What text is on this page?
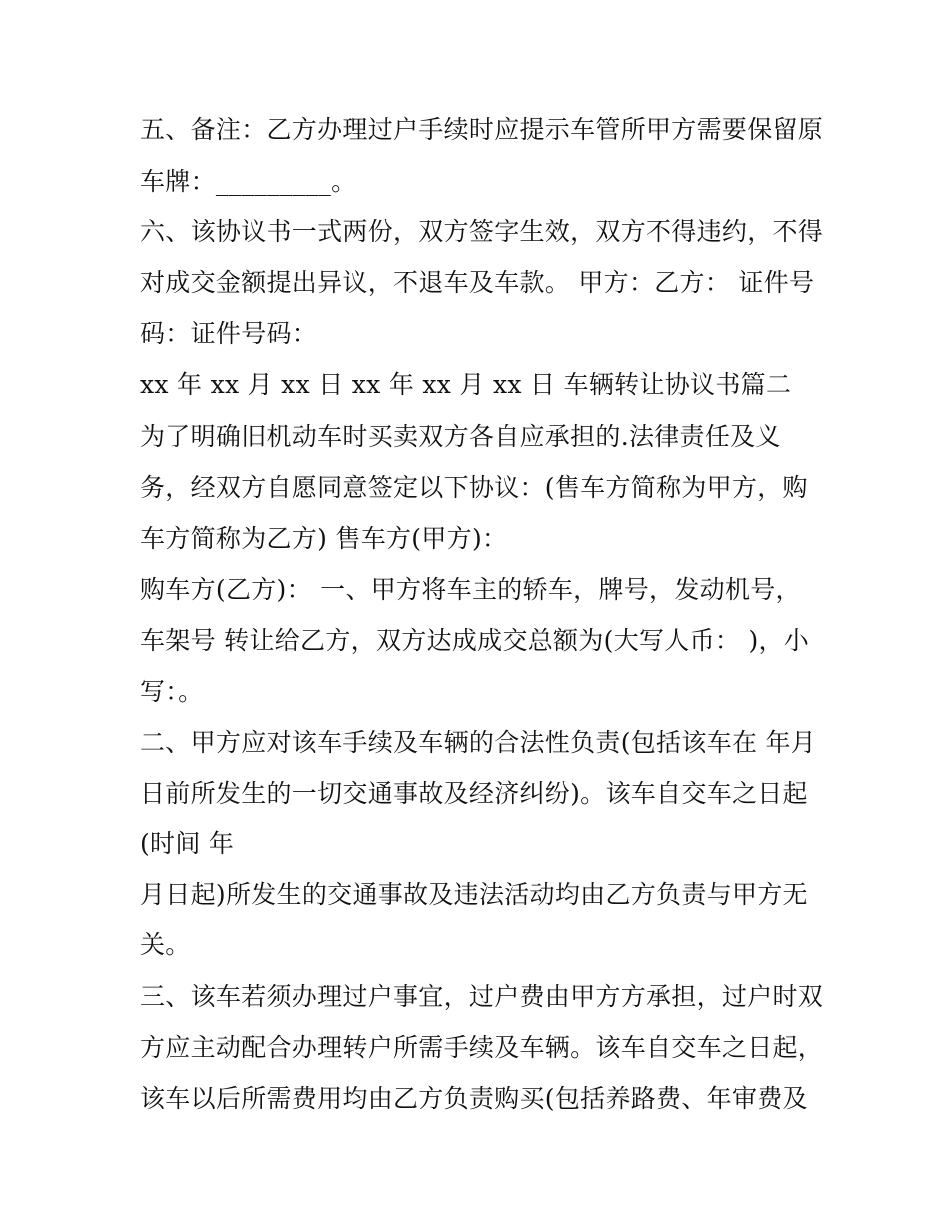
五、备注：乙方办理过户手续时应提示车管所甲方需要保留原
车牌：_________。
六、该协议书一式两份，双方签字生效，双方不得违约，不得
对成交金额提出异议，不退车及车款。 甲方：乙方： 证件号
码：证件号码：
xx 年 xx 月 xx 日 xx 年 xx 月 xx 日 车辆转让协议书篇二
为了明确旧机动车时买卖双方各自应承担的.法律责任及义
务，经双方自愿同意签定以下协议：(售车方简称为甲方，购
车方简称为乙方) 售车方(甲方)：
购车方(乙方)： 一、甲方将车主的轿车，牌号，发动机号，
车架号 转让给乙方，双方达成成交总额为(大写人币： )，小
写：。
二、甲方应对该车手续及车辆的合法性负责(包括该车在 年月
日前所发生的一切交通事故及经济纠纷)。该车自交车之日起
(时间 年
月日起)所发生的交通事故及违法活动均由乙方负责与甲方无
关。
三、该车若须办理过户事宜，过户费由甲方方承担，过户时双
方应主动配合办理转户所需手续及车辆。该车自交车之日起，
该车以后所需费用均由乙方负责购买(包括养路费、年审费及
